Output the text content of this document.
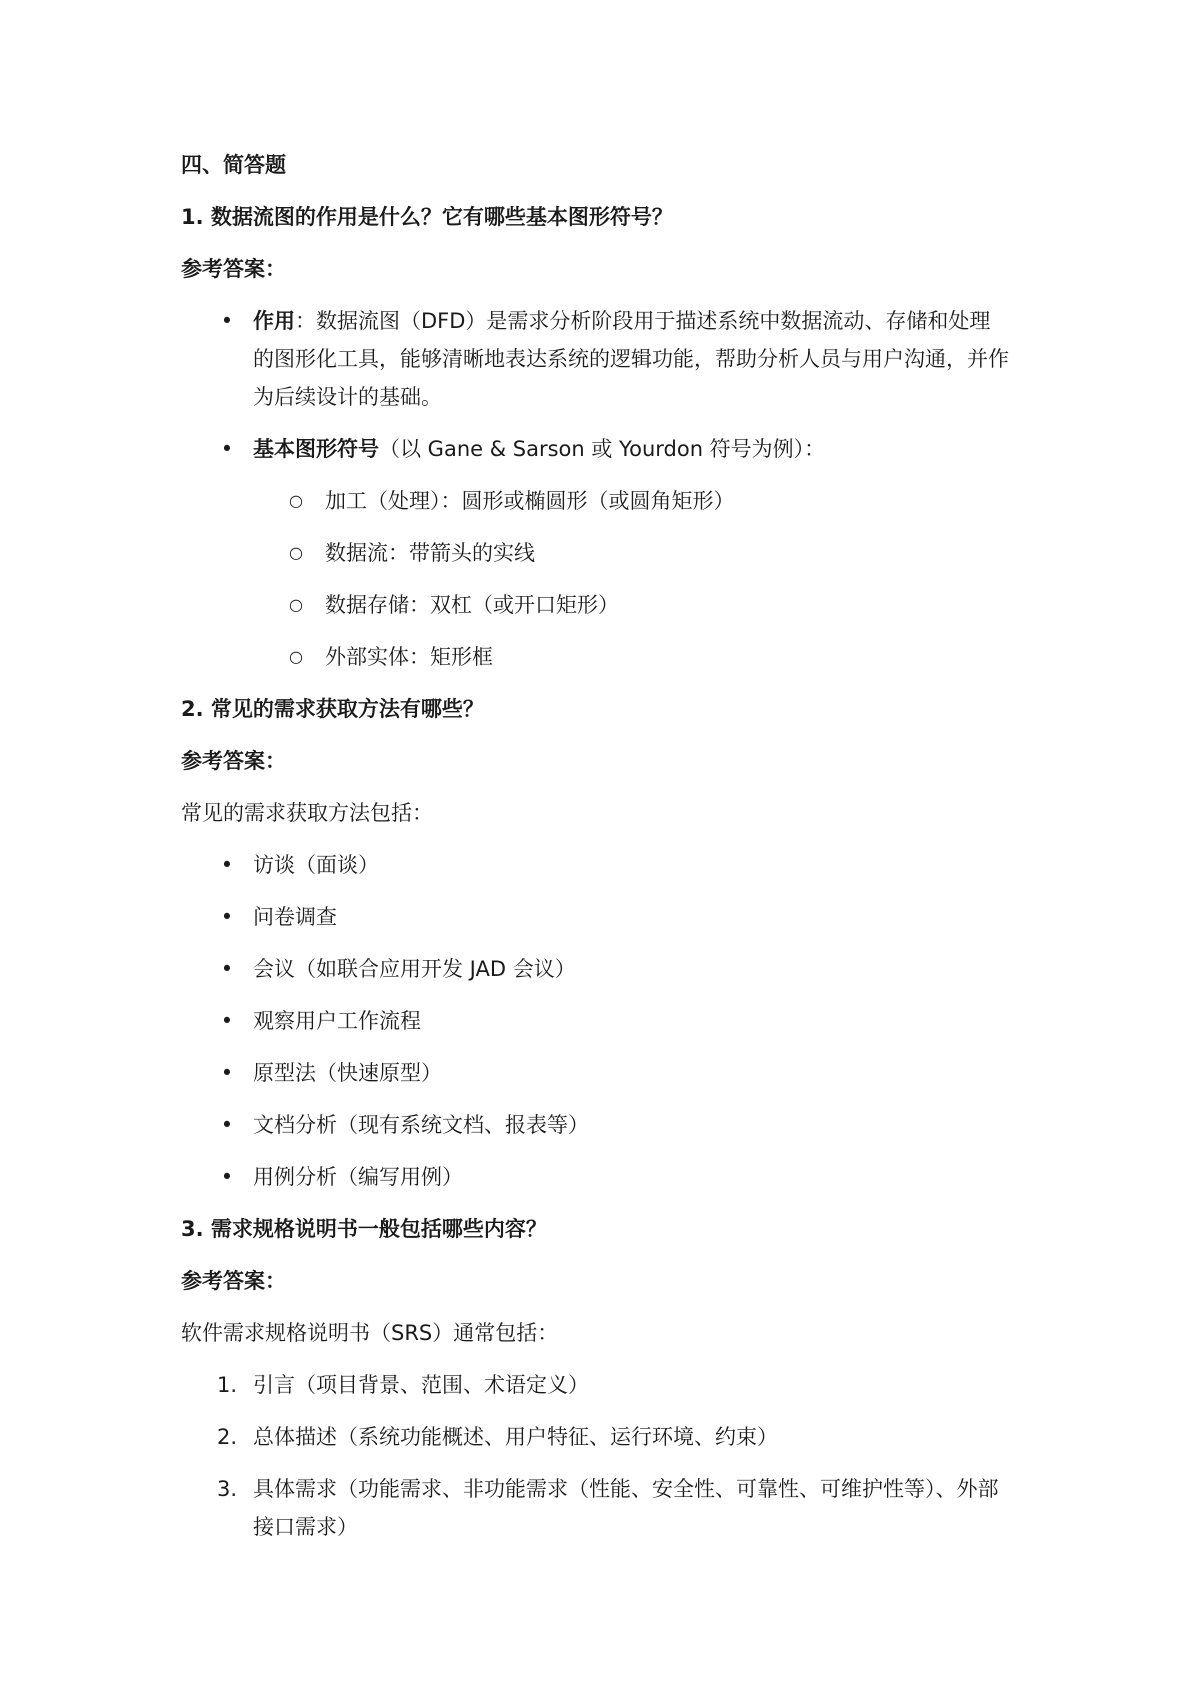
四、简答题

1. 数据流图的作用是什么？它有哪些基本图形符号？

参考答案：

• 作用：数据流图（DFD）是需求分析阶段用于描述系统中数据流动、存储和处理的图形化工具，能够清晰地表达系统的逻辑功能，帮助分析人员与用户沟通，并作为后续设计的基础。
• 基本图形符号（以 Gane & Sarson 或 Yourdon 符号为例）：
○ 加工（处理）：圆形或椭圆形（或圆角矩形）
○ 数据流：带箭头的实线
○ 数据存储：双杠（或开口矩形）
○ 外部实体：矩形框

2. 常见的需求获取方法有哪些？

参考答案：

常见的需求获取方法包括：

• 访谈（面谈）
• 问卷调查
• 会议（如联合应用开发 JAD 会议）
• 观察用户工作流程
• 原型法（快速原型）
• 文档分析（现有系统文档、报表等）
• 用例分析（编写用例）

3. 需求规格说明书一般包括哪些内容？

参考答案：

软件需求规格说明书（SRS）通常包括：

1. 引言（项目背景、范围、术语定义）
2. 总体描述（系统功能概述、用户特征、运行环境、约束）
3. 具体需求（功能需求、非功能需求（性能、安全性、可靠性、可维护性等）、外部接口需求）
